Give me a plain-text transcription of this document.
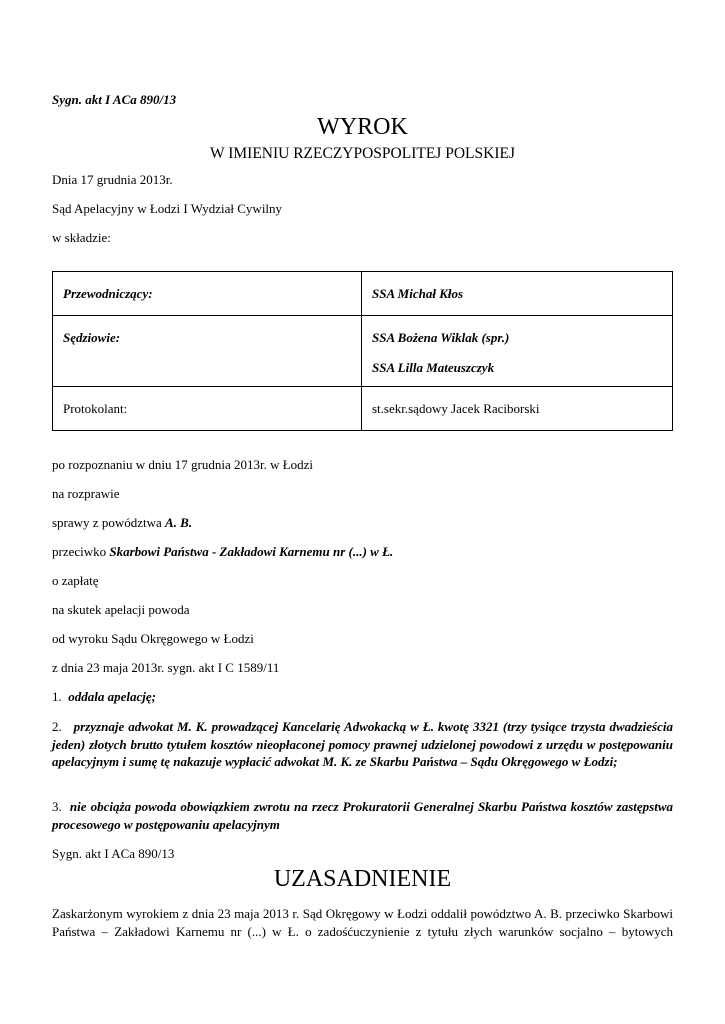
Sygn. akt I ACa 890/13
WYROK
W IMIENIU RZECZYPOSPOLITEJ POLSKIEJ
Dnia 17 grudnia 2013r.
Sąd Apelacyjny w Łodzi I Wydział Cywilny
w składzie:
Przewodniczący:	SSA Michał Kłos

Sędziowie:	SSA Bożena Wiklak (spr.)
SSA Lilla Mateuszczyk

Protokolant:	st.sekr.sądowy Jacek Raciborski
po rozpoznaniu w dniu 17 grudnia 2013r. w Łodzi
na rozprawie
sprawy z powództwa A. B.
przeciwko Skarbowi Państwa - Zakładowi Karnemu nr (...) w Ł.
o zapłatę
na skutek apelacji powoda
od wyroku Sądu Okręgowego w Łodzi
z dnia 23 maja 2013r. sygn. akt I C 1589/11
1. oddala apelację;
2. przyznaje adwokat M. K. prowadzącej Kancelarię Adwokacką w Ł. kwotę 3321 (trzy tysiące trzysta dwadzieścia jeden) złotych brutto tytułem kosztów nieopłaconej pomocy prawnej udzielonej powodowi z urzędu w postępowaniu apelacyjnym i sumę tę nakazuje wypłacić adwokat M. K. ze Skarbu Państwa – Sądu Okręgowego w Łodzi;
3. nie obciąża powoda obowiązkiem zwrotu na rzecz Prokuratorii Generalnej Skarbu Państwa kosztów zastępstwa procesowego w postępowaniu apelacyjnym
Sygn. akt I ACa 890/13
UZASADNIENIE
Zaskarżonym wyrokiem z dnia 23 maja 2013 r. Sąd Okręgowy w Łodzi oddalił powództwo A. B. przeciwko Skarbowi Państwa – Zakładowi Karnemu nr (...) w Ł. o zadośćuczynienie z tytułu złych warunków socjalno – bytowych
